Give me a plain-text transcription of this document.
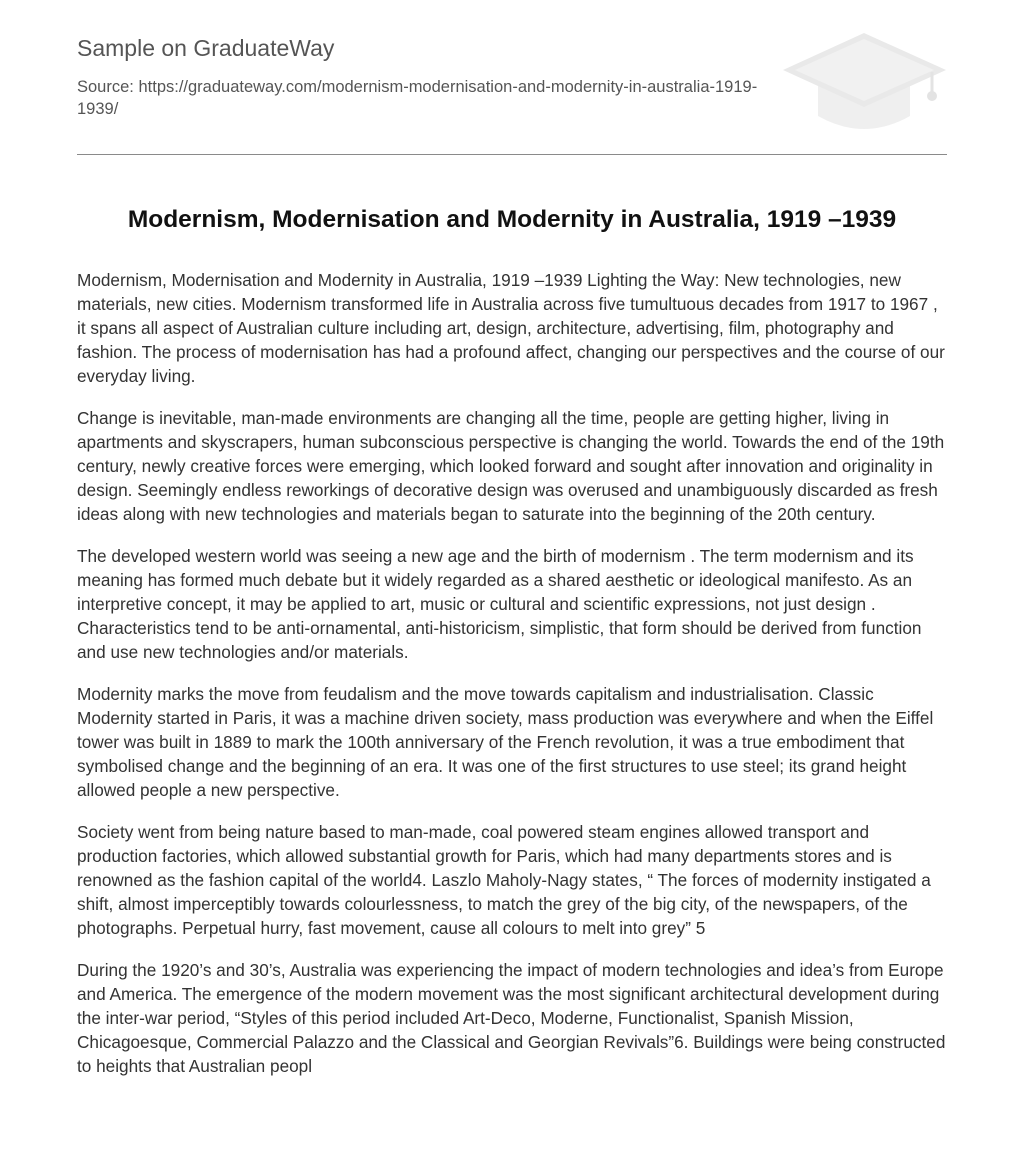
Sample on GraduateWay
Source: https://graduateway.com/modernism-modernisation-and-modernity-in-australia-1919-1939/
Modernism, Modernisation and Modernity in Australia, 1919 –1939

Modernism, Modernisation and Modernity in Australia, 1919 –1939 Lighting the Way: New technologies, new materials, new cities. Modernism transformed life in Australia across five tumultuous decades from 1917 to 1967 , it spans all aspect of Australian culture including art, design, architecture, advertising, film, photography and fashion. The process of modernisation has had a profound affect, changing our perspectives and the course of our everyday living.

Change is inevitable, man-made environments are changing all the time, people are getting higher, living in apartments and skyscrapers, human subconscious perspective is changing the world. Towards the end of the 19th century, newly creative forces were emerging, which looked forward and sought after innovation and originality in design. Seemingly endless reworkings of decorative design was overused and unambiguously discarded as fresh ideas along with new technologies and materials began to saturate into the beginning of the 20th century.

The developed western world was seeing a new age and the birth of modernism . The term modernism and its meaning has formed much debate but it widely regarded as a shared aesthetic or ideological manifesto. As an interpretive concept, it may be applied to art, music or cultural and scientific expressions, not just design . Characteristics tend to be anti-ornamental, anti-historicism, simplistic, that form should be derived from function and use new technologies and/or materials.

Modernity marks the move from feudalism and the move towards capitalism and industrialisation. Classic Modernity started in Paris, it was a machine driven society, mass production was everywhere and when the Eiffel tower was built in 1889 to mark the 100th anniversary of the French revolution, it was a true embodiment that symbolised change and the beginning of an era. It was one of the first structures to use steel; its grand height allowed people a new perspective.

Society went from being nature based to man-made, coal powered steam engines allowed transport and production factories, which allowed substantial growth for Paris, which had many departments stores and is renowned as the fashion capital of the world4. Laszlo Maholy-Nagy states, “ The forces of modernity instigated a shift, almost imperceptibly towards colourlessness, to match the grey of the big city, of the newspapers, of the photographs. Perpetual hurry, fast movement, cause all colours to melt into grey” 5

During the 1920’s and 30’s, Australia was experiencing the impact of modern technologies and idea’s from Europe and America. The emergence of the modern movement was the most significant architectural development during the inter-war period, “Styles of this period included Art-Deco, Moderne, Functionalist, Spanish Mission, Chicagoesque, Commercial Palazzo and the Classical and Georgian Revivals”6. Buildings were being constructed to heights that Australian peopl
